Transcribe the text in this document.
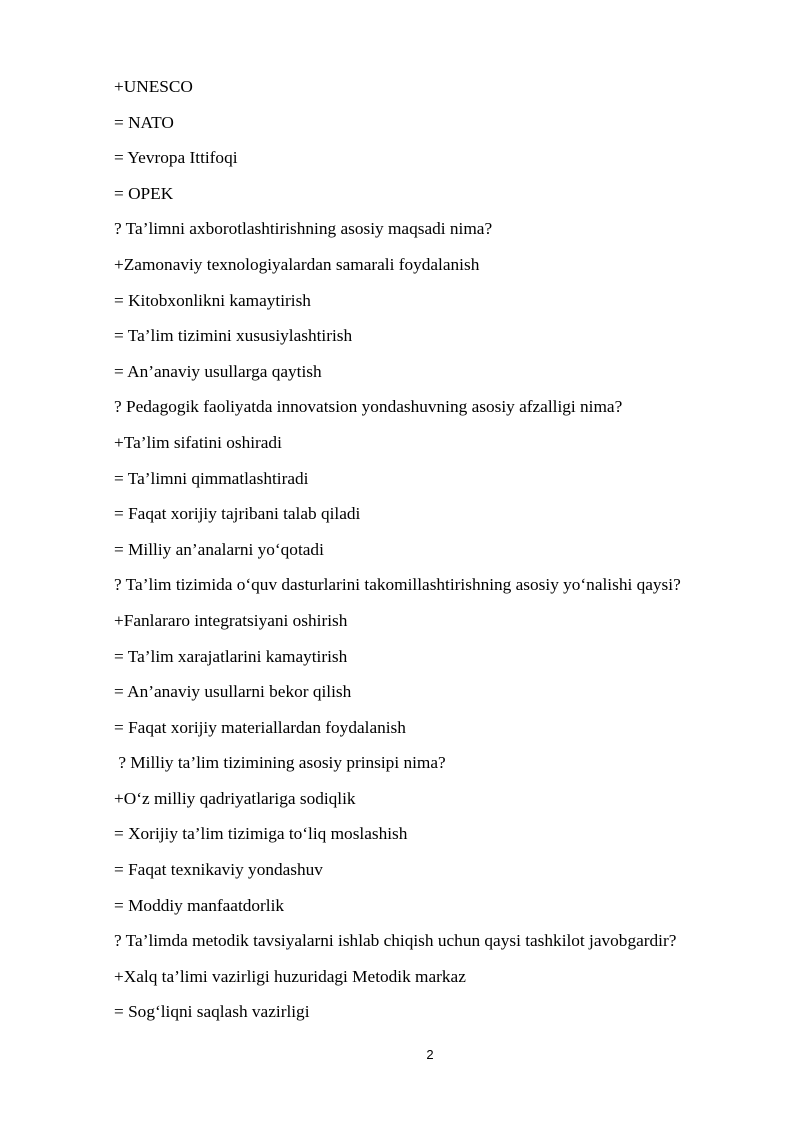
+UNESCO
= NATO
= Yevropa Ittifoqi
= OPEK
? Ta’limni axborotlashtirishning asosiy maqsadi nima?
+Zamonaviy texnologiyalardan samarali foydalanish
= Kitobxonlikni kamaytirish
= Ta’lim tizimini xususiylashtirish
= An’anaviy usullarga qaytish
? Pedagogik faoliyatda innovatsion yondashuvning asosiy afzalligi nima?
+Ta’lim sifatini oshiradi
= Ta’limni qimmatlashtiradi
= Faqat xorijiy tajribani talab qiladi
= Milliy an’analarni yo‘qotadi
? Ta’lim tizimida o‘quv dasturlarini takomillashtirishning asosiy yo‘nalishi qaysi?
+Fanlararo integratsiyani oshirish
= Ta’lim xarajatlarini kamaytirish
= An’anaviy usullarni bekor qilish
= Faqat xorijiy materiallardan foydalanish
? Milliy ta’lim tizimining asosiy prinsipi nima?
+O‘z milliy qadriyatlariga sodiqlik
= Xorijiy ta’lim tizimiga to‘liq moslashish
= Faqat texnikaviy yondashuv
= Moddiy manfaatdorlik
? Ta’limda metodik tavsiyalarni ishlab chiqish uchun qaysi tashkilot javobgardir?
+Xalq ta’limi vazirligi huzuridagi Metodik markaz
= Sog‘liqni saqlash vazirligi
2
